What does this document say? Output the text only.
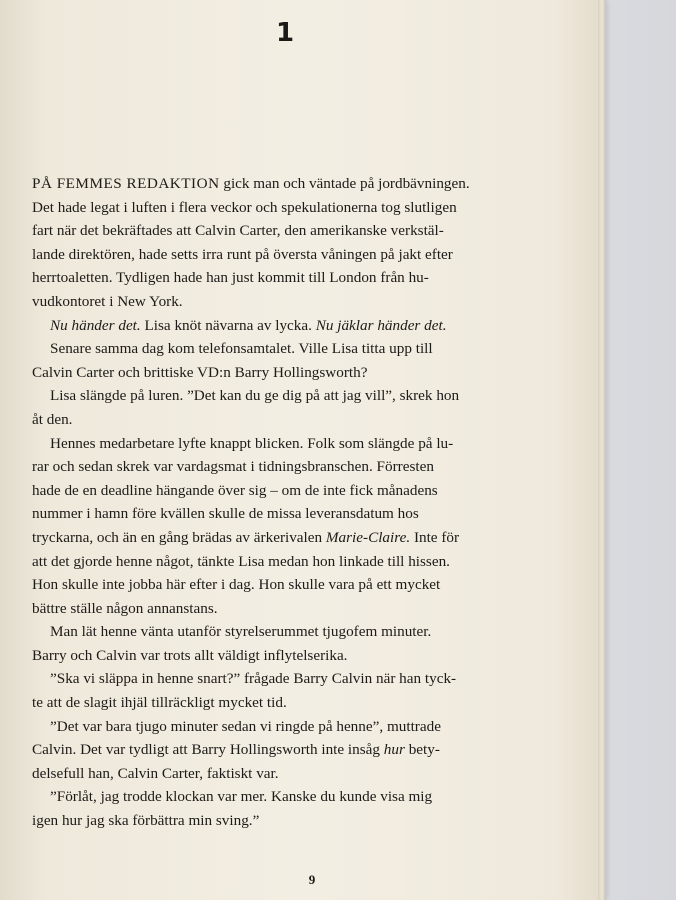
1
PÅ FEMMES REDAKTION gick man och väntade på jordbävningen.
Det hade legat i luften i flera veckor och spekulationerna tog slutligen
fart när det bekräftades att Calvin Carter, den amerikanske verkstäl-
lande direktören, hade setts irra runt på översta våningen på jakt efter
herrtoaletten. Tydligen hade han just kommit till London från hu-
vudkontoret i New York.
Nu händer det. Lisa knöt nävarna av lycka. Nu jäklar händer det.
Senare samma dag kom telefonsamtalet. Ville Lisa titta upp till
Calvin Carter och brittiske VD:n Barry Hollingsworth?
Lisa slängde på luren. ”Det kan du ge dig på att jag vill”, skrek hon
åt den.
Hennes medarbetare lyfte knappt blicken. Folk som slängde på lu-
rar och sedan skrek var vardagsmat i tidningsbranschen. Förresten
hade de en deadline hängande över sig – om de inte fick månadens
nummer i hamn före kvällen skulle de missa leveransdatum hos
tryckarna, och än en gång brädas av ärkerivalen Marie-Claire. Inte för
att det gjorde henne något, tänkte Lisa medan hon linkade till hissen.
Hon skulle inte jobba här efter i dag. Hon skulle vara på ett mycket
bättre ställe någon annanstans.
Man lät henne vänta utanför styrelserummet tjugofem minuter.
Barry och Calvin var trots allt väldigt inflytelserika.
”Ska vi släppa in henne snart?” frågade Barry Calvin när han tyck-
te att de slagit ihjäl tillräckligt mycket tid.
”Det var bara tjugo minuter sedan vi ringde på henne”, muttrade
Calvin. Det var tydligt att Barry Hollingsworth inte insåg hur bety-
delsefull han, Calvin Carter, faktiskt var.
”Förlåt, jag trodde klockan var mer. Kanske du kunde visa mig
igen hur jag ska förbättra min sving.”
9
